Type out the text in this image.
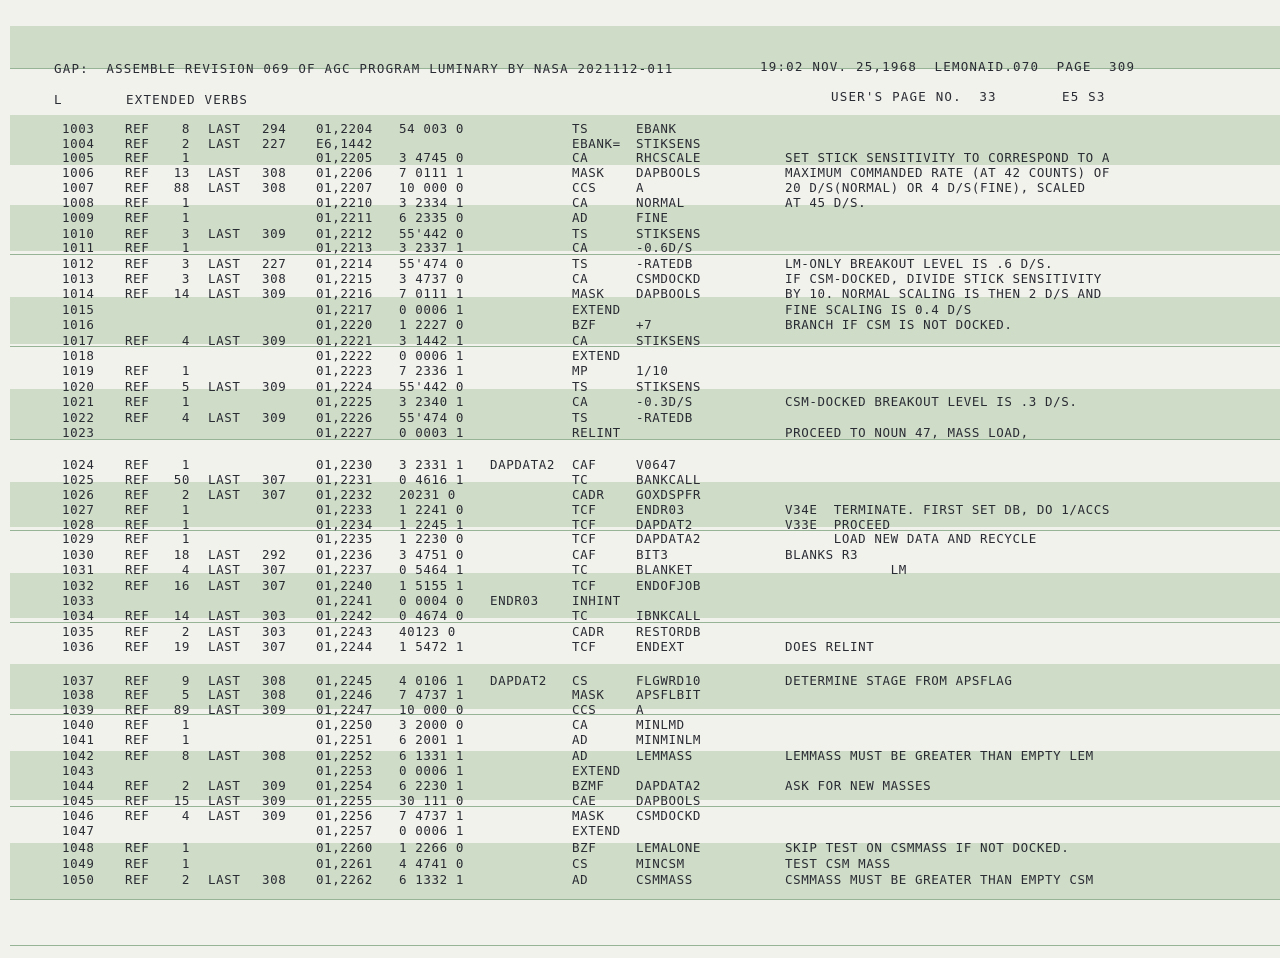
GAP:  ASSEMBLE REVISION 069 OF AGC PROGRAM LUMINARY BY NASA 2021112-011	19:02 NOV. 25,1968  LEMONAID.070  PAGE  309
L	EXTENDED VERBS	USER'S PAGE NO.  33	E5 S3
1003 REF	8 LAST 294 01,2204 54 003 0	TS	EBANK
1004 REF	2 LAST 227 E6,1442	EBANK= STIKSENS
1005 REF	1	01,2205 3 4745 0	CA	RHCSCALE	SET STICK SENSITIVITY TO CORRESPOND TO A
1006 REF	13 LAST 308 01,2206 7 0111 1	MASK	DAPBOOLS	MAXIMUM COMMANDED RATE (AT 42 COUNTS) OF
1007 REF	88 LAST 308 01,2207 10 000 0	CCS	A	20 D/S(NORMAL) OR 4 D/S(FINE), SCALED
1008 REF	1	01,2210 3 2334 1	CA	NORMAL	AT 45 D/S.
1009 REF	1	01,2211 6 2335 0	AD	FINE
1010 REF	3 LAST 309 01,2212 55'442 0	TS	STIKSENS
1011 REF	1	01,2213 3 2337 1	CA	-0.6D/S
1012 REF	3 LAST 227 01,2214 55'474 0	TS	-RATEDB	LM-ONLY BREAKOUT LEVEL IS .6 D/S.
1013 REF	3 LAST 308 01,2215 3 4737 0	CA	CSMDOCKD	IF CSM-DOCKED, DIVIDE STICK SENSITIVITY
1014 REF	14 LAST 309 01,2216 7 0111 1	MASK	DAPBOOLS	BY 10. NORMAL SCALING IS THEN 2 D/S AND
1015	01,2217 0 0006 1	EXTEND	FINE SCALING IS 0.4 D/S
1016	01,2220 1 2227 0	BZF	+7	BRANCH IF CSM IS NOT DOCKED.
1017 REF	4 LAST 309 01,2221 3 1442 1	CA	STIKSENS
1018	01,2222 0 0006 1	EXTEND
1019 REF	1	01,2223 7 2336 1	MP	1/10
1020 REF	5 LAST 309 01,2224 55'442 0	TS	STIKSENS
1021 REF	1	01,2225 3 2340 1	CA	-0.3D/S	CSM-DOCKED BREAKOUT LEVEL IS .3 D/S.
1022 REF	4 LAST 309 01,2226 55'474 0	TS	-RATEDB
1023	01,2227 0 0003 1	RELINT	PROCEED TO NOUN 47, MASS LOAD,
1024 REF	1	01,2230 3 2331 1 DAPDATA2 CAF	V0647
1025 REF	50 LAST 307 01,2231 0 4616 1	TC	BANKCALL
1026 REF	2 LAST 307 01,2232 20231 0	CADR	GOXDSPFR
1027 REF	1	01,2233 1 2241 0	TCF	ENDR03	V34E  TERMINATE. FIRST SET DB, DO 1/ACCS
1028 REF	1	01,2234 1 2245 1	TCF	DAPDAT2	V33E  PROCEED
1029 REF	1	01,2235 1 2230 0	TCF	DAPDATA2	LOAD NEW DATA AND RECYCLE
1030 REF	18 LAST 292 01,2236 3 4751 0	CAF	BIT3	BLANKS R3
1031 REF	4 LAST 307 01,2237 0 5464 1	TC	BLANKET	LM
1032 REF	16 LAST 307 01,2240 1 5155 1	TCF	ENDOFJOB
1033	01,2241 0 0004 0 ENDR03	INHINT
1034 REF	14 LAST 303 01,2242 0 4674 0	TC	IBNKCALL
1035 REF	2 LAST 303 01,2243 40123 0	CADR	RESTORDB
1036 REF	19 LAST 307 01,2244 1 5472 1	TCF	ENDEXT	DOES RELINT
1037 REF	9 LAST 308 01,2245 4 0106 1 DAPDAT2 CS	FLGWRD10	DETERMINE STAGE FROM APSFLAG
1038 REF	5 LAST 308 01,2246 7 4737 1	MASK	APSFLBIT
1039 REF	89 LAST 309 01,2247 10 000 0	CCS	A
1040 REF	1	01,2250 3 2000 0	CA	MINLMD
1041 REF	1	01,2251 6 2001 1	AD	MINMINLM
1042 REF	8 LAST 308 01,2252 6 1331 1	AD	LEMMASS	LEMMASS MUST BE GREATER THAN EMPTY LEM
1043	01,2253 0 0006 1	EXTEND
1044 REF	2 LAST 309 01,2254 6 2230 1	BZMF	DAPDATA2	ASK FOR NEW MASSES
1045 REF	15 LAST 309 01,2255 30 111 0	CAE	DAPBOOLS
1046 REF	4 LAST 309 01,2256 7 4737 1	MASK	CSMDOCKD
1047	01,2257 0 0006 1	EXTEND
1048 REF	1	01,2260 1 2266 0	BZF	LEMALONE	SKIP TEST ON CSMMASS IF NOT DOCKED.
1049 REF	1	01,2261 4 4741 0	CS	MINCSM	TEST CSM MASS
1050 REF	2 LAST 308 01,2262 6 1332 1	AD	CSMMASS	CSMMASS MUST BE GREATER THAN EMPTY CSM
